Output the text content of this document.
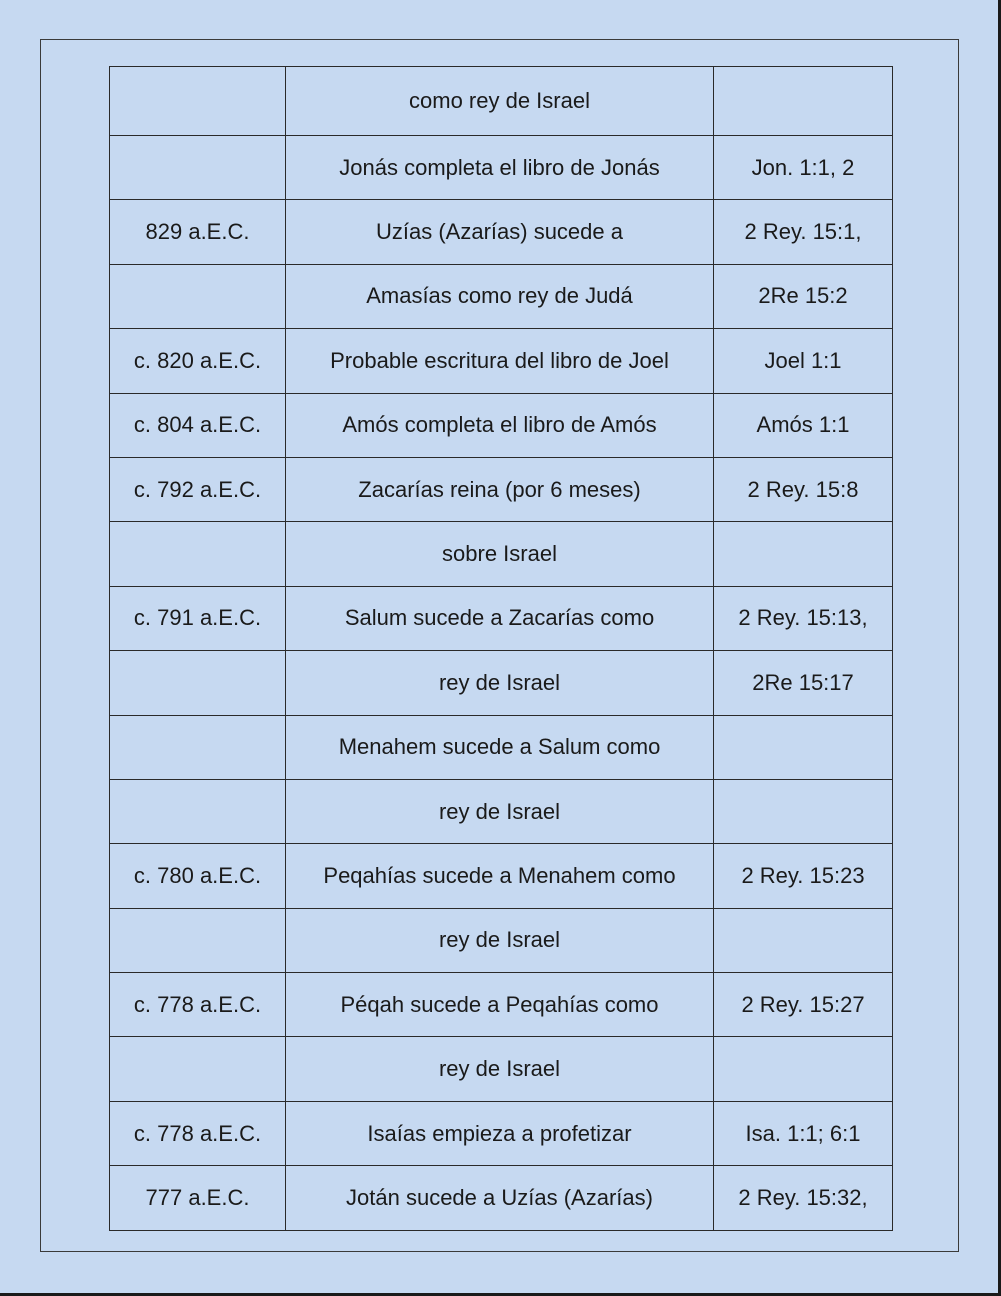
	como rey de Israel	
	Jonás completa el libro de Jonás	Jon. 1:1, 2
829 a.E.C.	Uzías (Azarías) sucede a	2 Rey. 15:1,
	Amasías como rey de Judá	2Re 15:2
c. 820 a.E.C.	Probable escritura del libro de Joel	Joel 1:1
c. 804 a.E.C.	Amós completa el libro de Amós	Amós 1:1
c. 792 a.E.C.	Zacarías reina (por 6 meses)	2 Rey. 15:8
	sobre Israel	
c. 791 a.E.C.	Salum sucede a Zacarías como	2 Rey. 15:13,
	rey de Israel	2Re 15:17
	Menahem sucede a Salum como	
	rey de Israel	
c. 780 a.E.C.	Peqahías sucede a Menahem como	2 Rey. 15:23
	rey de Israel	
c. 778 a.E.C.	Péqah sucede a Peqahías como	2 Rey. 15:27
	rey de Israel	
c. 778 a.E.C.	Isaías empieza a profetizar	Isa. 1:1; 6:1
777 a.E.C.	Jotán sucede a Uzías (Azarías)	2 Rey. 15:32,
